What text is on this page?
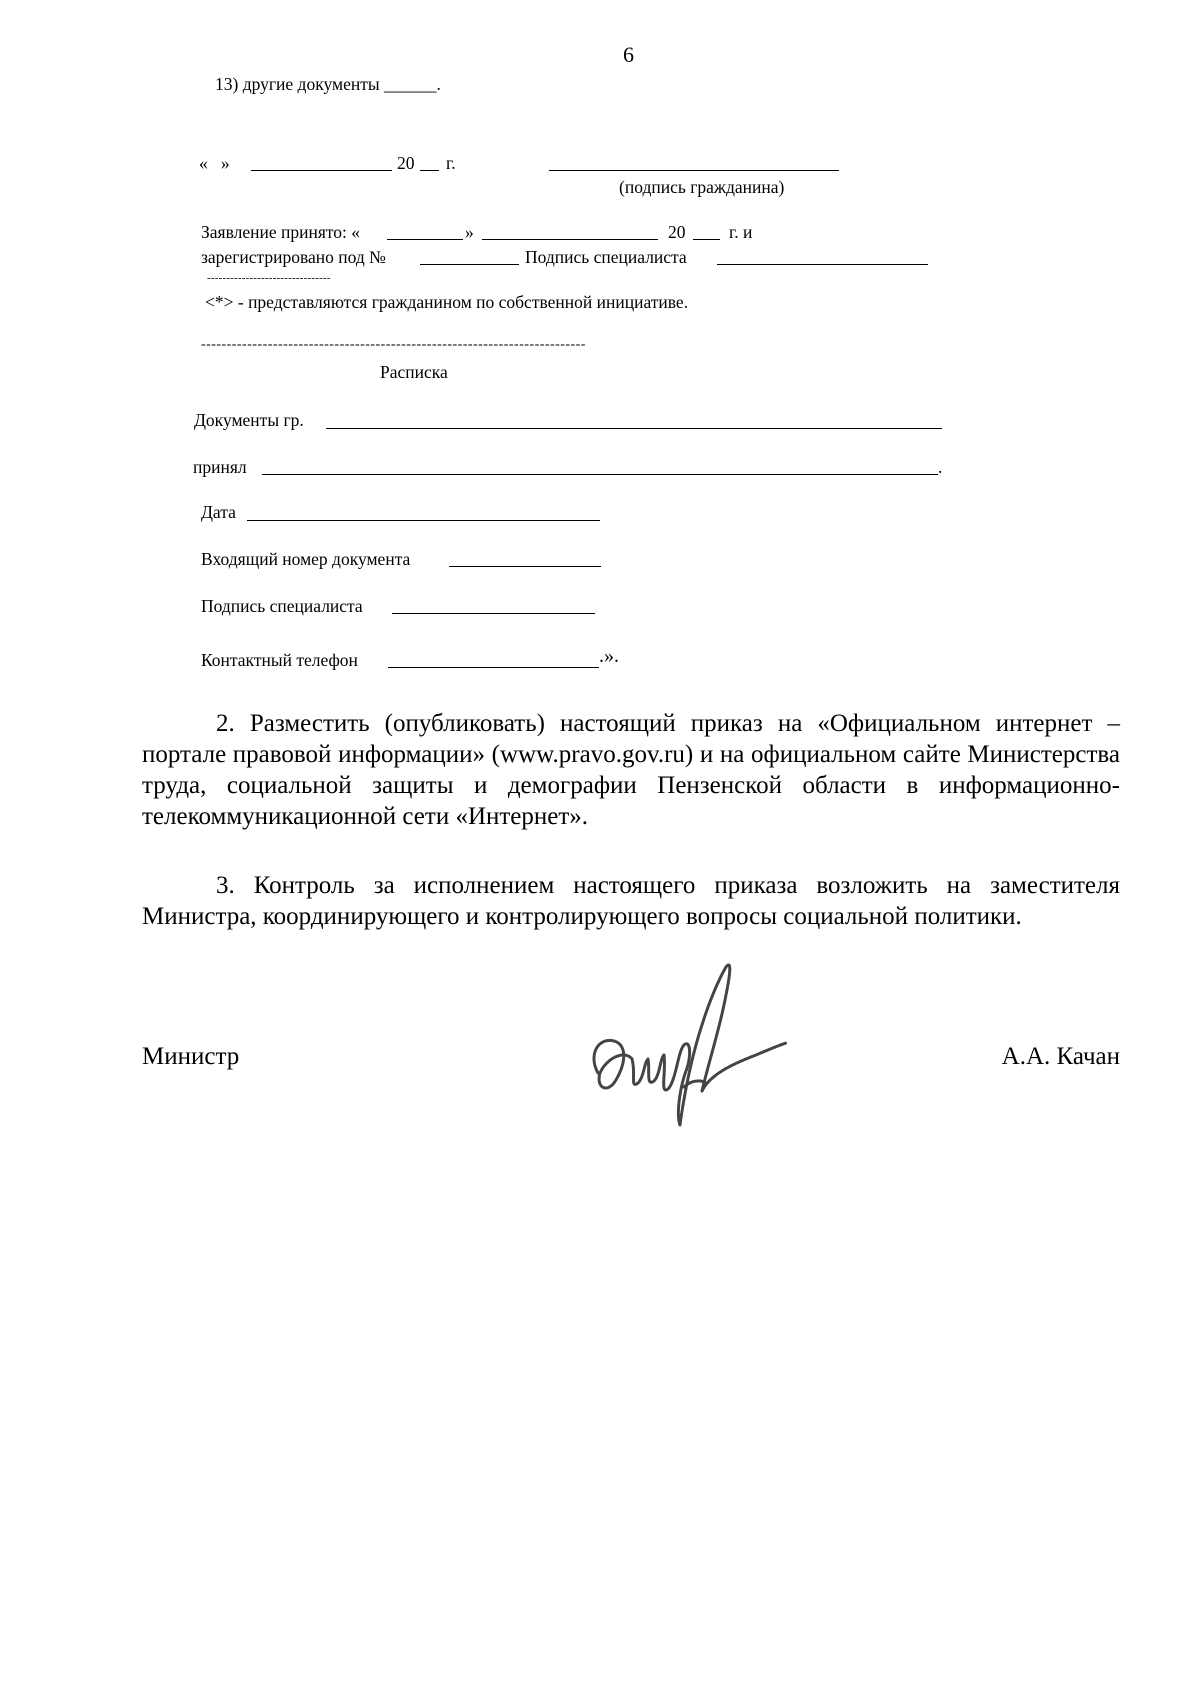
6
13) другие документы ______.
«   »	20 г.
(подпись гражданина)
Заявление принято: «	»	20 г. и
зарегистрировано под №	Подпись специалиста
--------------------------------
<*> - представляются гражданином по собственной инициативе.
---------------------------------------------------------------------------
Расписка
Документы гр.
принял	.
Дата
Входящий номер документа
Подпись специалиста
Контактный телефон	.».
2. Разместить (опубликовать) настоящий приказ на «Официальном интернет – портале правовой информации» (www.pravo.gov.ru) и на официальном сайте Министерства труда, социальной защиты и демографии Пензенской области в информационно-телекоммуникационной сети «Интернет».
3. Контроль за исполнением настоящего приказа возложить на заместителя Министра, координирующего и контролирующего вопросы социальной политики.
Министр	А.А. Качан
